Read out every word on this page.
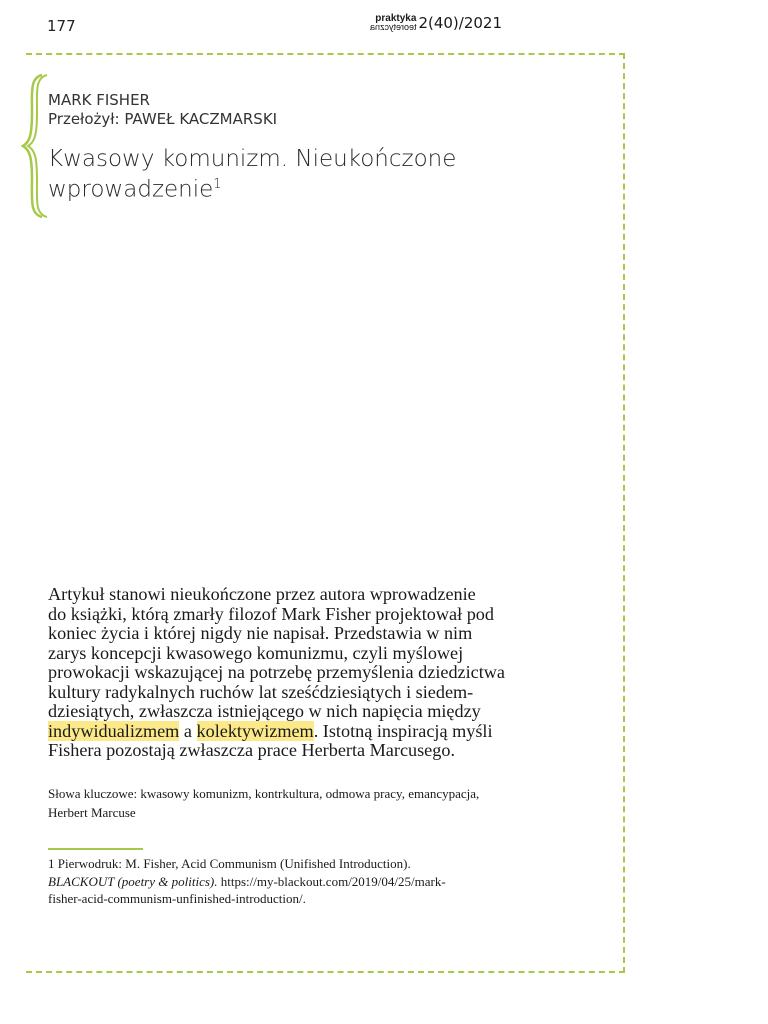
177	praktyka
teoretyczna 2(40)/2021
MARK FISHER
Przełożył: PAWEŁ KACZMARSKI
Kwasowy komunizm. Nieukończone
wprowadzenie$^1$
Artykuł stanowi nieukończone przez autora wprowadzenie
do książki, którą zmarły filozof Mark Fisher projektował pod
koniec życia i której nigdy nie napisał. Przedstawia w nim
zarys koncepcji kwasowego komunizmu, czyli myślowej
prowokacji wskazującej na potrzebę przemyślenia dziedzictwa
kultury radykalnych ruchów lat sześćdziesiątych i siedem-
dziesiątych, zwłaszcza istniejącego w nich napięcia między
indywidualizmem a kolektywizmem. Istotną inspiracją myśli
Fishera pozostają zwłaszcza prace Herberta Marcusego.
Słowa kluczowe: kwasowy komunizm, kontrkultura, odmowa pracy, emancypacja,
Herbert Marcuse
1 Pierwodruk: M. Fisher, Acid Communism (Unifished Introduction).
BLACKOUT (poetry & politics). https://my-blackout.com/2019/04/25/mark-
fisher-acid-communism-unfinished-introduction/.
